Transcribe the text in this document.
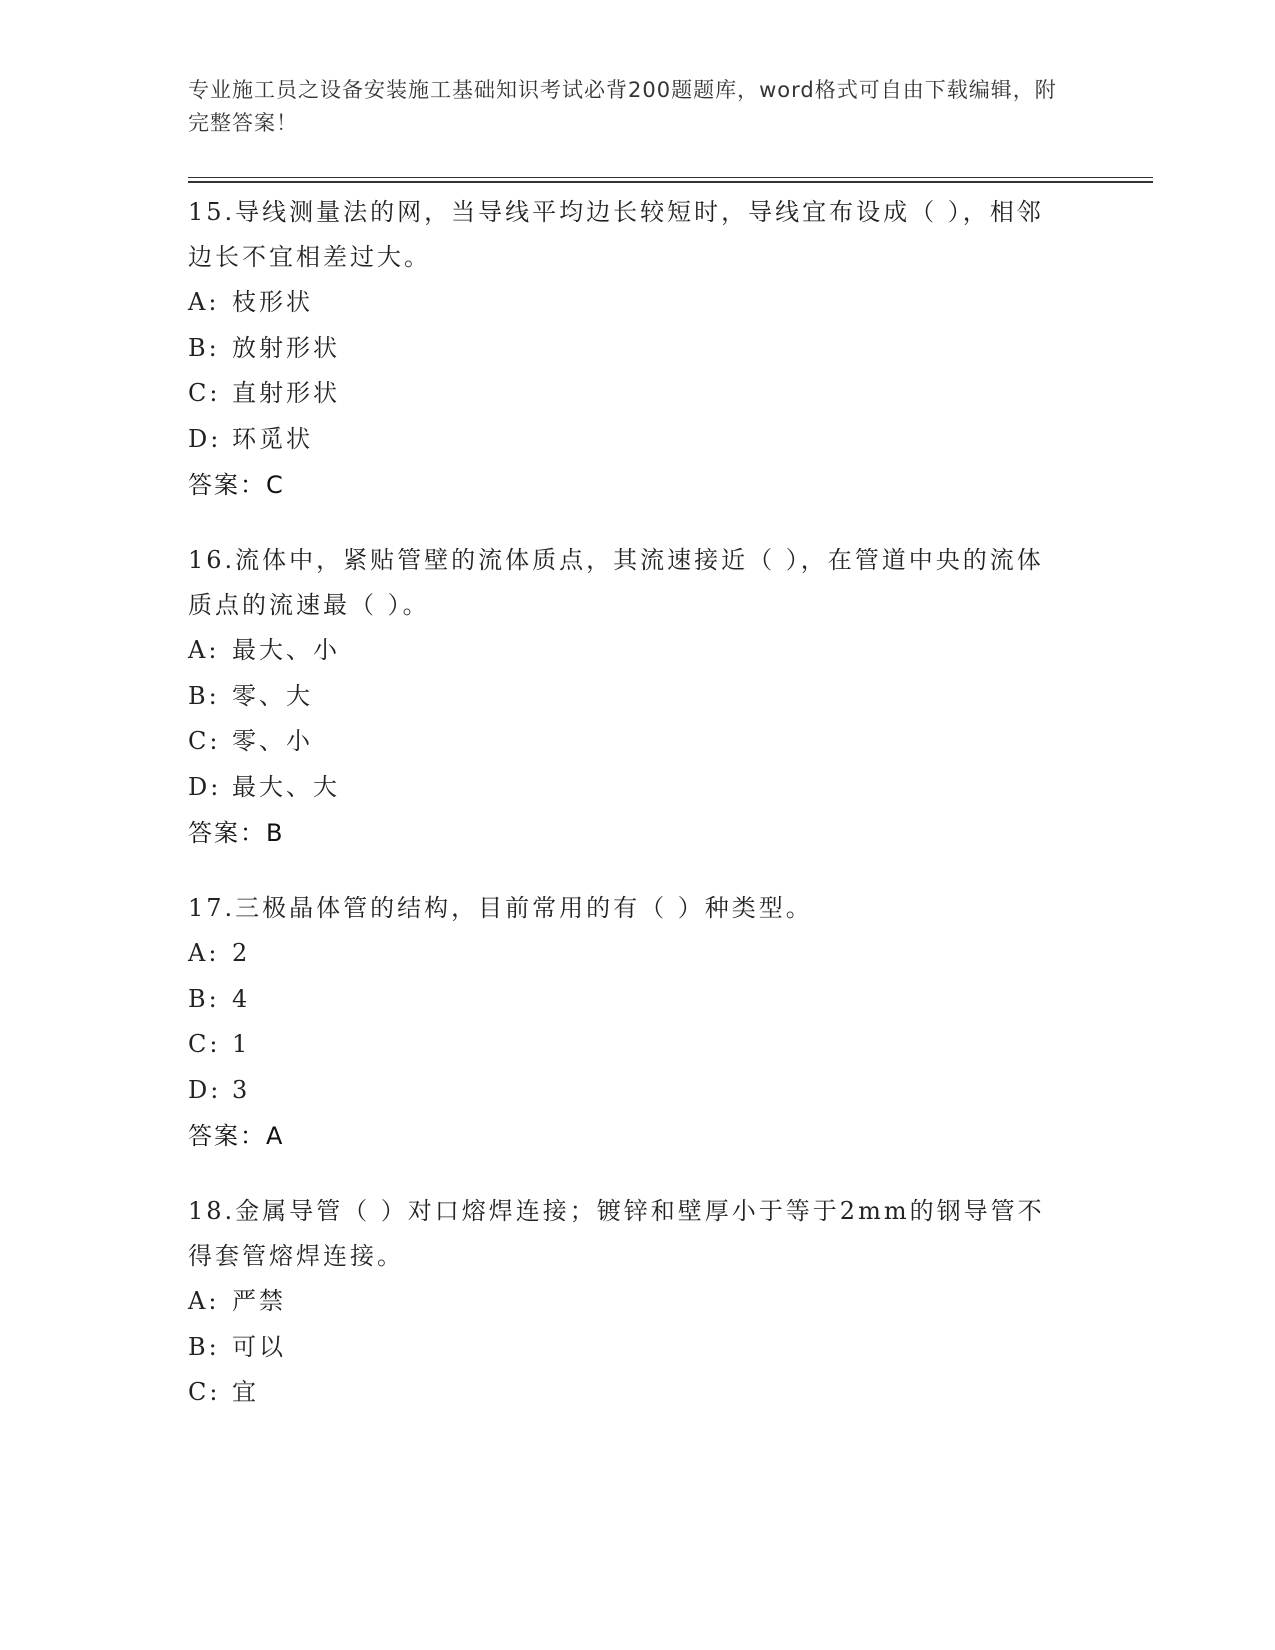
专业施工员之设备安装施工基础知识考试必背200题题库，word格式可自由下载编辑，附完整答案！

15.导线测量法的网，当导线平均边长较短时，导线宜布设成（ ），相邻边长不宜相差过大。

A: 枝形状

B: 放射形状

C: 直射形状

D: 环觅状

答案：C

16.流体中，紧贴管壁的流体质点，其流速接近（ ），在管道中央的流体质点的流速最（ ）。

A: 最大、小

B: 零、大

C: 零、小

D: 最大、大

答案：B

17.三极晶体管的结构，目前常用的有（ ）种类型。

A: 2

B: 4

C: 1

D: 3

答案：A

18.金属导管（ ）对口熔焊连接；镀锌和壁厚小于等于2mm的钢导管不得套管熔焊连接。

A: 严禁

B: 可以

C: 宜
